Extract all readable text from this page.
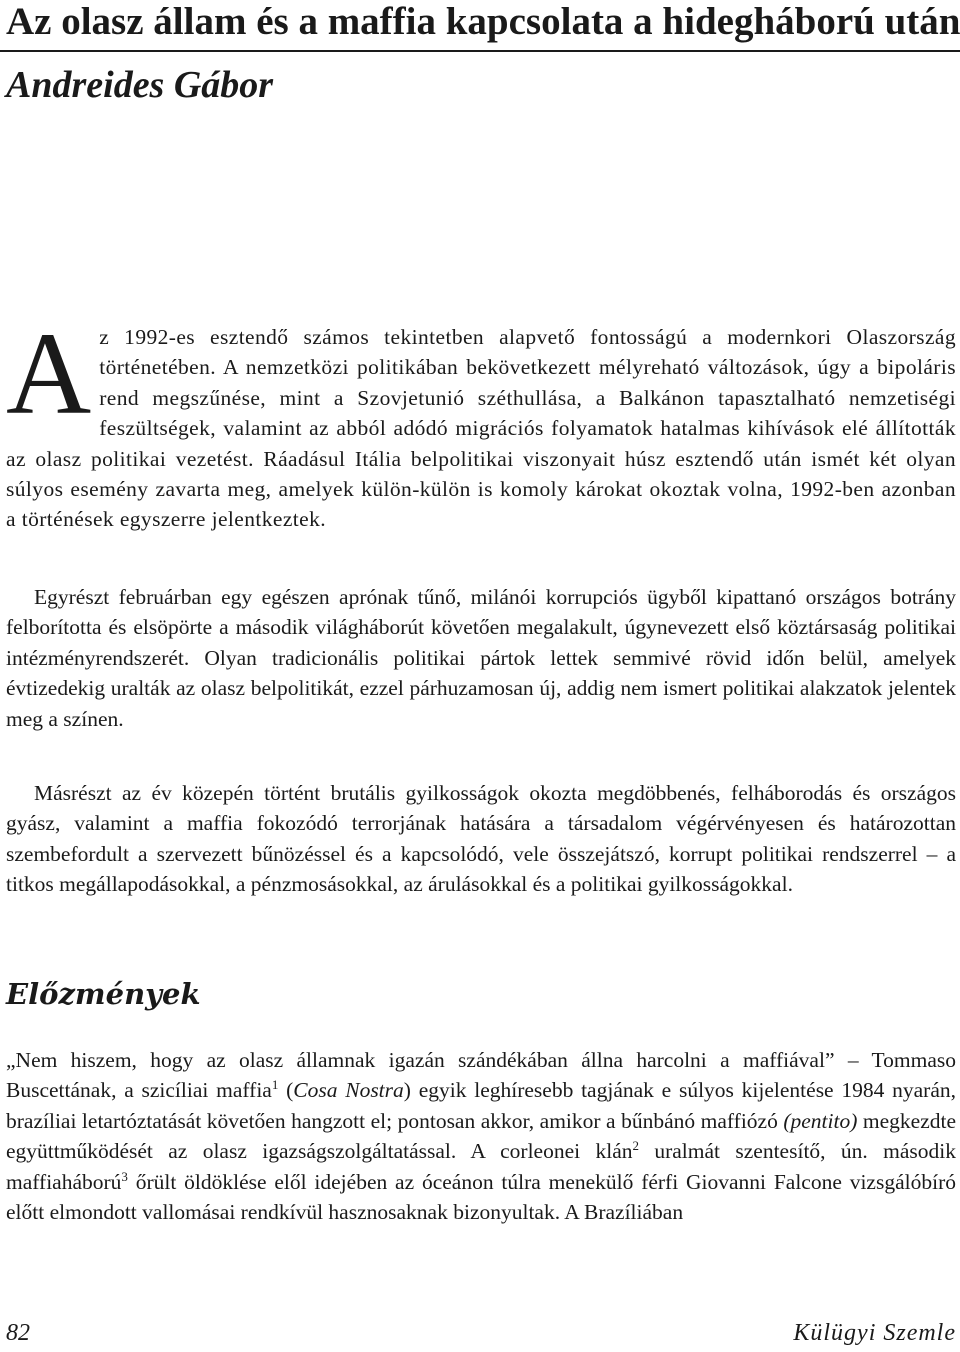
Az olasz állam és a maffia kapcsolata a hidegháború után
Andreides Gábor

Az 1992-es esztendő számos tekintetben alapvető fontosságú a modernkori Olaszország történetében. A nemzetközi politikában bekövetkezett mélyreható változások, úgy a bipoláris rend megszűnése, mint a Szovjetunió széthullása, a Balkánon tapasztalható nemzetiségi feszültségek, valamint az abból adódó migrációs folyamatok hatalmas kihívások elé állították az olasz politikai vezetést. Ráadásul Itália belpolitikai viszonyait húsz esztendő után ismét két olyan súlyos esemény zavarta meg, amelyek külön-külön is komoly károkat okoztak volna, 1992-ben azonban a történések egyszerre jelentkeztek.

Egyrészt februárban egy egészen aprónak tűnő, milánói korrupciós ügyből kipattanó országos botrány felborította és elsöpörte a második világháborút követően megalakult, úgynevezett első köztársaság politikai intézményrendszerét. Olyan tradicionális politikai pártok lettek semmivé rövid időn belül, amelyek évtizedekig uralták az olasz belpolitikát, ezzel párhuzamosan új, addig nem ismert politikai alakzatok jelentek meg a színen.

Másrészt az év közepén történt brutális gyilkosságok okozta megdöbbenés, felháborodás és országos gyász, valamint a maffia fokozódó terrorjának hatására a társadalom végérvényesen és határozottan szembefordult a szervezett bűnözéssel és a kapcsolódó, vele összejátszó, korrupt politikai rendszerrel – a titkos megállapodásokkal, a pénzmosásokkal, az árulásokkal és a politikai gyilkosságokkal.

Előzmények

„Nem hiszem, hogy az olasz államnak igazán szándékában állna harcolni a maffiával” – Tommaso Buscettának, a szicíliai maffia$^1$ (Cosa Nostra) egyik leghíresebb tagjának e súlyos kijelentése 1984 nyarán, brazíliai letartóztatását követően hangzott el; pontosan akkor, amikor a bűnbánó maffiózó (pentito) megkezdte együttműködését az olasz igazságszolgáltatással. A corleonei klán$^2$ uralmát szentesítő, ún. második maffiaháború$^3$ őrült öldöklése elől idejében az óceánon túlra menekülő férfi Giovanni Falcone vizsgálóbíró előtt elmondott vallomásai rendkívül hasznosaknak bizonyultak. A Brazíliában

82	Külügyi Szemle
